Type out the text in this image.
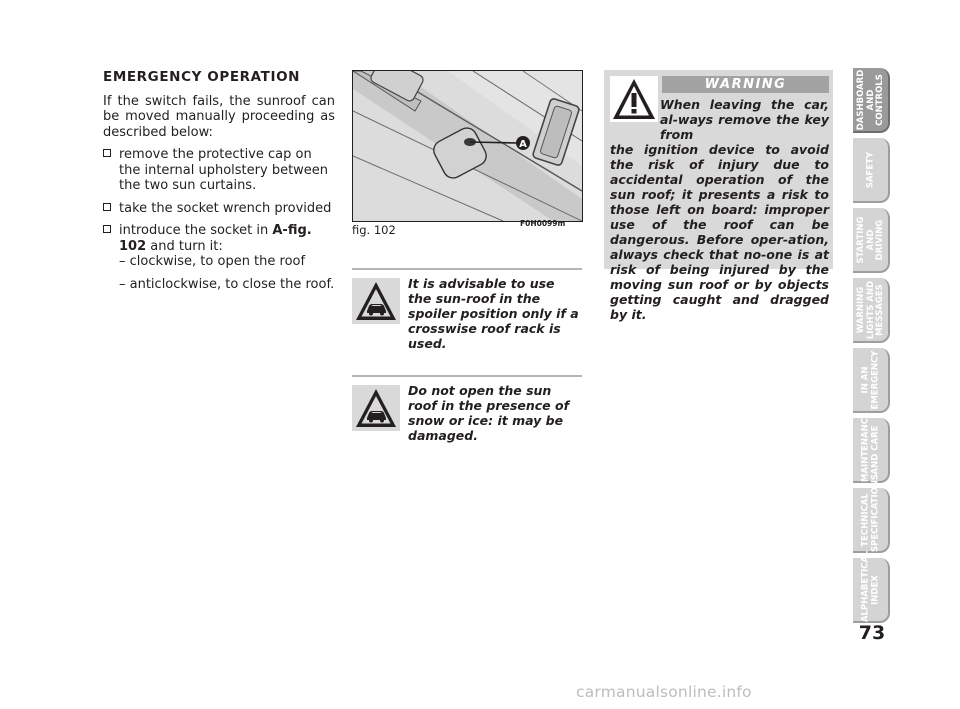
EMERGENCY OPERATION

If the switch fails, the sunroof can be moved manually proceeding as described below:

remove the protective cap on the internal upholstery between the two sun curtains.
take the socket wrench provided
introduce the socket in A-fig. 102 and turn it:

– clockwise, to open the roof

– anticlockwise, to close the roof.

A
fig. 102	F0H0099m
It is advisable to use the sun-roof in the spoiler position only if a crosswise roof rack is used.
Do not open the sun roof in the presence of snow or ice: it may be damaged.
WARNING
When leaving the car, al-ways remove the key from
the ignition device to avoid the risk of injury due to accidental operation of the sun roof; it presents a risk to those left on board: improper use of the roof can be dangerous. Before oper-ation, always check that no-one is at risk of being injured by the moving sun roof or by objects getting caught and dragged by it.
DASHBOARD
AND CONTROLS
SAFETY
STARTING
AND DRIVING
WARNING
LIGHTS AND MESSAGES
IN AN
EMERGENCY
MAINTENANCE
AND CARE
TECHNICAL
SPECIFICATIONS
ALPHABETICAL
INDEX
73
carmanualsonline.info
